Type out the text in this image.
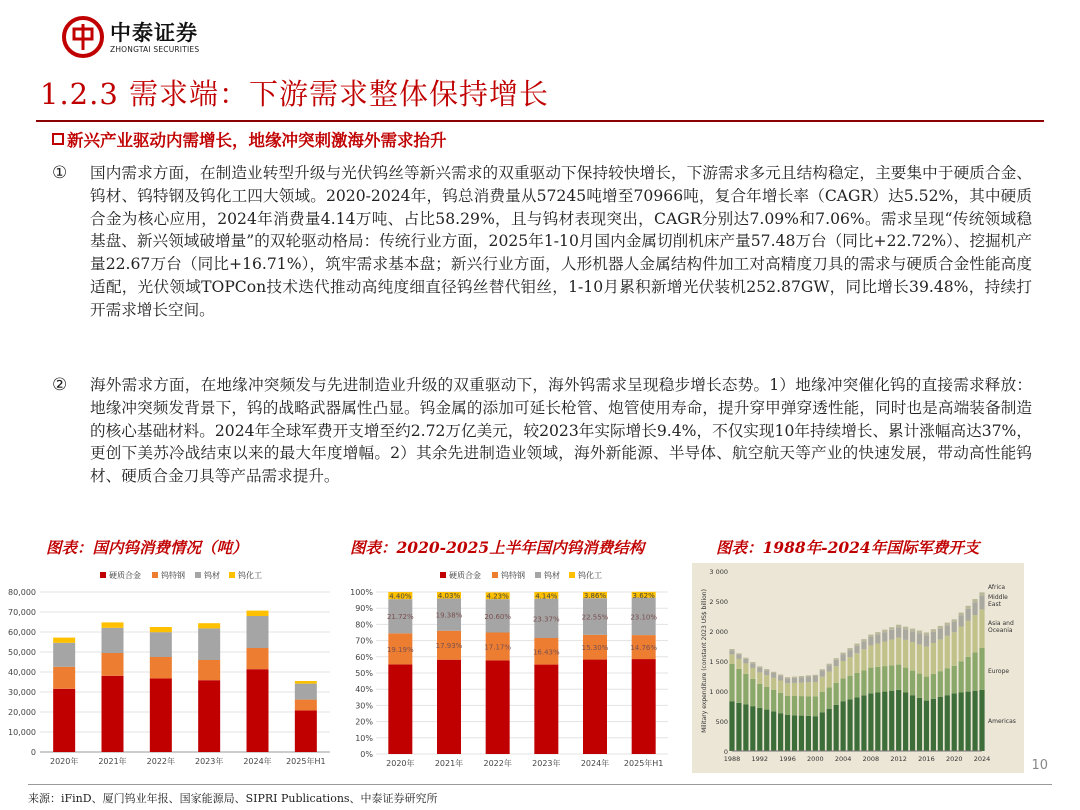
中泰证券
ZHONGTAI SECURITIES
1.2.3 需求端：下游需求整体保持增长
新兴产业驱动内需增长，地缘冲突刺激海外需求抬升
① 国内需求方面，在制造业转型升级与光伏钨丝等新兴需求的双重驱动下保持较快增长，下游需求多元且结构稳定，主要集中于硬质合金、钨材、钨特钢及钨化工四大领域。2020-2024年，钨总消费量从57245吨增至70966吨，复合年增长率（CAGR）达5.52%，其中硬质合金为核心应用，2024年消费量4.14万吨、占比58.29%，且与钨材表现突出，CAGR分别达7.09%和7.06%。需求呈现“传统领域稳基盘、新兴领域破增量”的双轮驱动格局：传统行业方面，2025年1-10月国内金属切削机床产量57.48万台（同比+22.72%）、挖掘机产量22.67万台（同比+16.71%），筑牢需求基本盘；新兴行业方面，人形机器人金属结构件加工对高精度刀具的需求与硬质合金性能高度适配，光伏领域TOPCon技术迭代推动高纯度细直径钨丝替代钼丝，1-10月累积新增光伏装机252.87GW，同比增长39.48%，持续打开需求增长空间。
② 海外需求方面，在地缘冲突频发与先进制造业升级的双重驱动下，海外钨需求呈现稳步增长态势。1）地缘冲突催化钨的直接需求释放：地缘冲突频发背景下，钨的战略武器属性凸显。钨金属的添加可延长枪管、炮管使用寿命，提升穿甲弹穿透性能，同时也是高端装备制造的核心基础材料。2024年全球军费开支增至约2.72万亿美元，较2023年实际增长9.4%，不仅实现10年持续增长、累计涨幅高达37%，更创下美苏冷战结束以来的最大年度增幅。2）其余先进制造业领域，海外新能源、半导体、航空航天等产业的快速发展，带动高性能钨材、硬质合金刀具等产品需求提升。
图表：国内钨消费情况（吨）	图表：2020-2025上半年国内钨消费结构	图表：1988年-2024年国际军费开支
硬质合金	钨特钢 钨材 钨化工
0
10,000
20,000
30,000
40,000
50,000
60,000
70,000
80,000
2020年 2021年 2022年 2023年 2024年 2025年H1
硬质合金	钨特钢 钨材 钨化工
0%
10%
20%
30%
40%
50%
60%
70%
80%
90%
100%
19.19%
21.72%
4.40%
2020年
17.93%
19.38%
4.03%
2021年
17.17%
20.60%
4.23%
2022年
16.43%
23.37%
4.14%
2023年
15.30%
22.55%
3.86%
2024年
14.76%
23.10%
3.62%
2025年H1
0
500
1 000
1 500
2 000
2 500
3 000
Military expenditure (constant 2023 US$ billion)
1988 1992 1996 2000 2004 2008 2012 2016 2020 2024
Americas
Europe
Asia and
Oceania
Middle
East
Africa
10
来源：iFinD、厦门钨业年报、国家能源局、SIPRI Publications、中泰证券研究所
